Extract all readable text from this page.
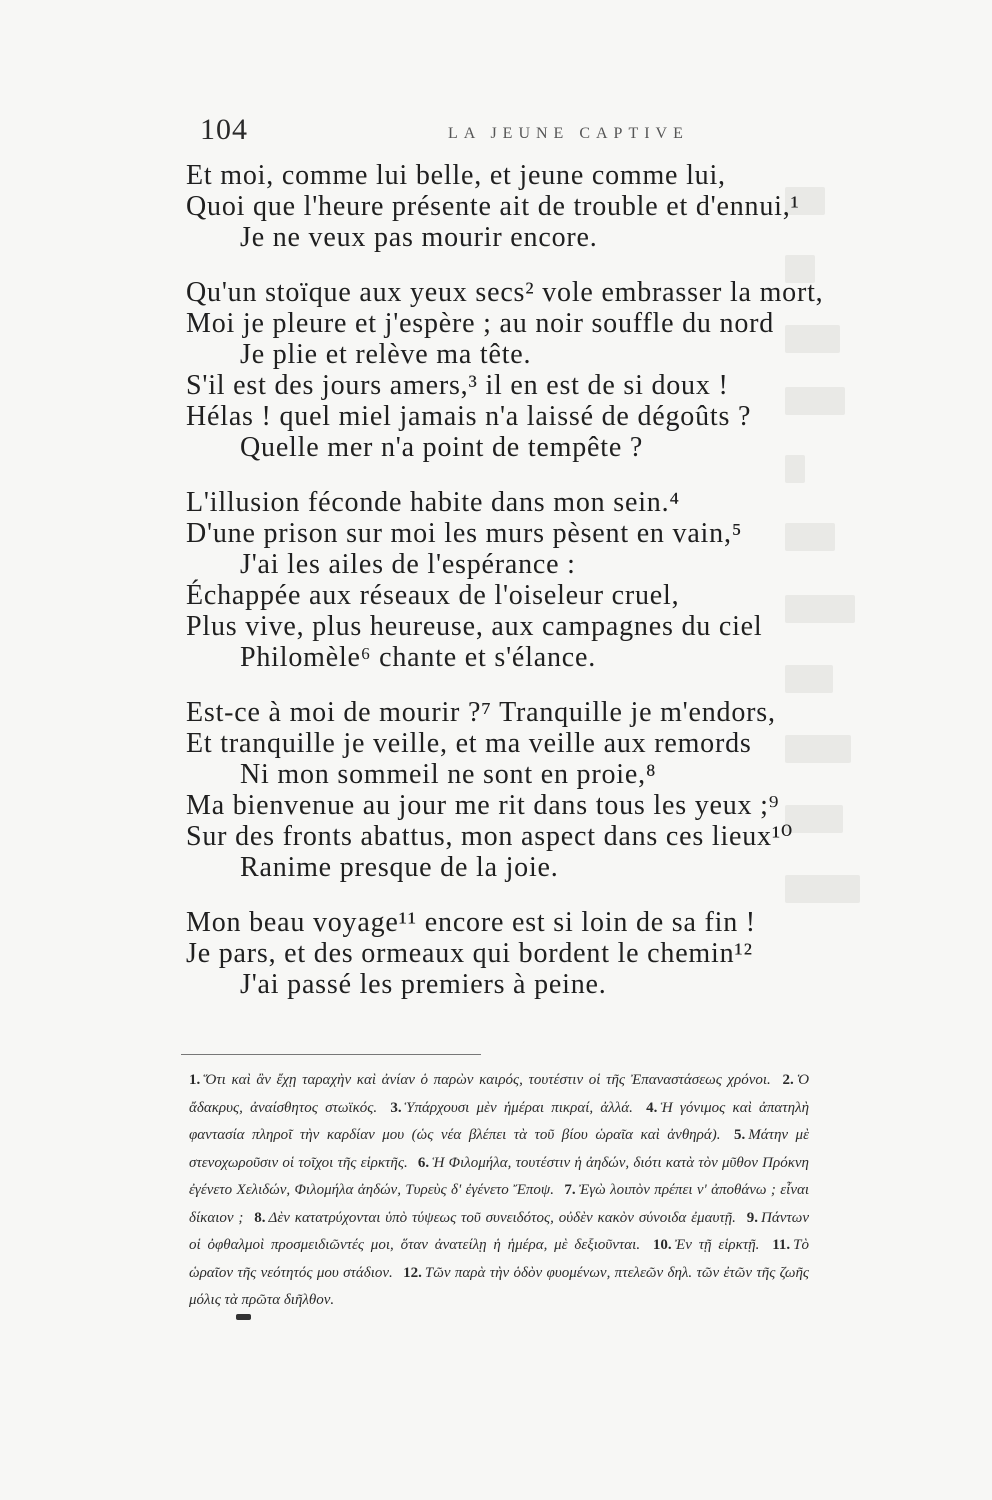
104	LA JEUNE CAPTIVE
Et moi, comme lui belle, et jeune comme lui,
Quoi que l'heure présente ait de trouble et d'ennui,¹
Je ne veux pas mourir encore.
Qu'un stoïque aux yeux secs² vole embrasser la mort,
Moi je pleure et j'espère ; au noir souffle du nord
Je plie et relève ma tête.
S'il est des jours amers,³ il en est de si doux !
Hélas ! quel miel jamais n'a laissé de dégoûts ?
Quelle mer n'a point de tempête ?
L'illusion féconde habite dans mon sein.⁴
D'une prison sur moi les murs pèsent en vain,⁵
J'ai les ailes de l'espérance :
Échappée aux réseaux de l'oiseleur cruel,
Plus vive, plus heureuse, aux campagnes du ciel
Philomèle⁶ chante et s'élance.
Est-ce à moi de mourir ?⁷ Tranquille je m'endors,
Et tranquille je veille, et ma veille aux remords
Ni mon sommeil ne sont en proie,⁸
Ma bienvenue au jour me rit dans tous les yeux ;⁹
Sur des fronts abattus, mon aspect dans ces lieux¹⁰
Ranime presque de la joie.
Mon beau voyage¹¹ encore est si loin de sa fin !
Je pars, et des ormeaux qui bordent le chemin¹²
J'ai passé les premiers à peine.
1. Ὅτι καὶ ἂν ἔχῃ ταραχὴν καὶ ἀνίαν ὁ παρὼν καιρός, τουτέστιν οἱ τῆς Ἐπαναστάσεως χρόνοι. 2. Ὁ ἄδακρυς, ἀναίσθητος στωϊκός. 3. Ὑπάρχουσι μὲν ἡμέραι πικραί, ἀλλά. 4. Ἡ γόνιμος καὶ ἀπατηλὴ φαντασία πληροῖ τὴν καρδίαν μου (ὡς νέα βλέπει τὰ τοῦ βίου ὡραῖα καὶ ἀνθηρά). 5. Μάτην μὲ στενοχωροῦσιν οἱ τοῖχοι τῆς εἱρκτῆς. 6. Ἡ Φιλομήλα, τουτέστιν ἡ ἀηδών, διότι κατὰ τὸν μῦθον Πρόκνη ἐγένετο Χελιδών, Φιλομήλα ἀηδών, Τυρεὺς δ' ἐγένετο Ἔποψ. 7. Ἐγὼ λοιπὸν πρέπει ν' ἀποθάνω ; εἶναι δίκαιον ; 8. Δὲν κατατρύχονται ὑπὸ τύψεως τοῦ συνειδότος, οὐδὲν κακὸν σύνοιδα ἐμαυτῇ. 9. Πάντων οἱ ὀφθαλμοὶ προσμειδιῶντές μοι, ὅταν ἀνατείλῃ ἡ ἡμέρα, μὲ δεξιοῦνται. 10. Ἐν τῇ εἱρκτῇ. 11. Τὸ ὡραῖον τῆς νεότητός μου στάδιον. 12. Τῶν παρὰ τὴν ὁδὸν φυομένων, πτελεῶν δηλ. τῶν ἐτῶν τῆς ζωῆς μόλις τὰ πρῶτα διῆλθον.
